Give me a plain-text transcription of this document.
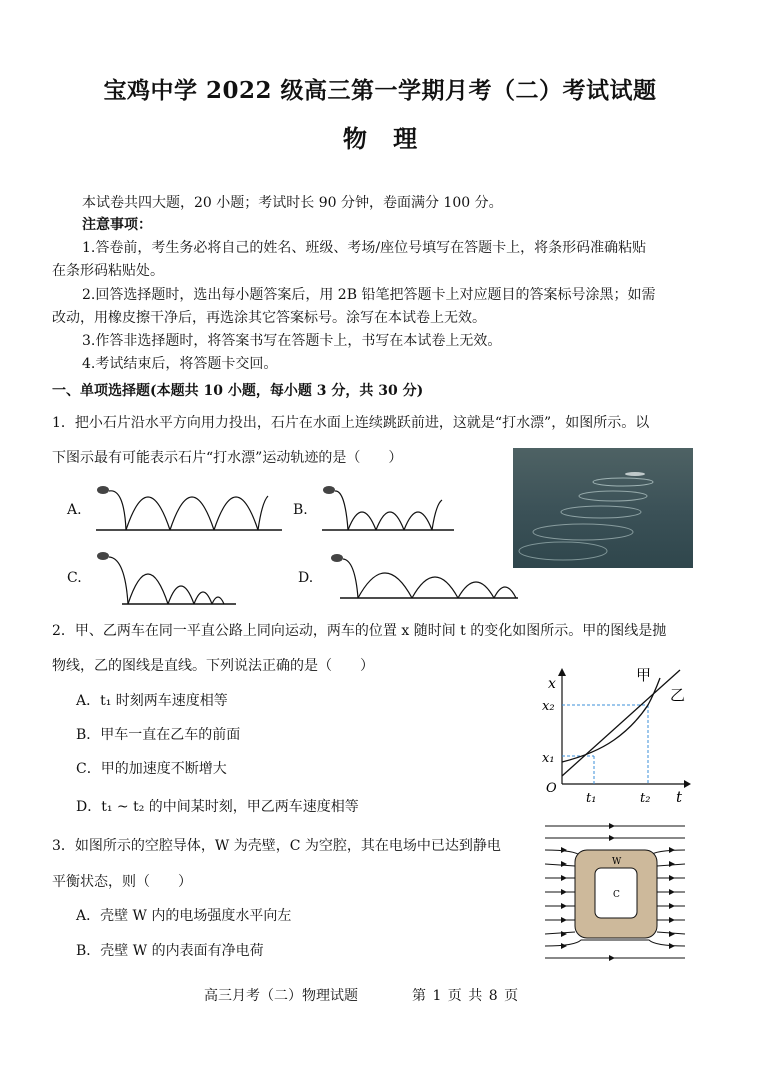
宝鸡中学 2022 级高三第一学期月考（二）考试试题
物 理
本试卷共四大题，20 小题；考试时长 90 分钟，卷面满分 100 分。
注意事项：
1.答卷前，考生务必将自己的姓名、班级、考场/座位号填写在答题卡上，将条形码准确粘贴
在条形码粘贴处。
2.回答选择题时，选出每小题答案后，用 2B 铅笔把答题卡上对应题目的答案标号涂黑；如需
改动，用橡皮擦干净后，再选涂其它答案标号。涂写在本试卷上无效。
3.作答非选择题时，将答案书写在答题卡上，书写在本试卷上无效。
4.考试结束后，将答题卡交回。
一、单项选择题(本题共 10 小题，每小题 3 分，共 30 分)
1．把小石片沿水平方向用力投出，石片在水面上连续跳跃前进，这就是“打水漂”，如图所示。以
下图示最有可能表示石片“打水漂”运动轨迹的是（　　）
A.	B.
C.	D.
2．甲、乙两车在同一平直公路上同向运动，两车的位置 x 随时间 t 的变化如图所示。甲的图线是抛
物线，乙的图线是直线。下列说法正确的是（　　）
A．t₁ 时刻两车速度相等
B．甲车一直在乙车的前面
C．甲的加速度不断增大
D．t₁ ~ t₂ 的中间某时刻，甲乙两车速度相等
x
t
甲
乙
x₂
x₁
t₁	t₂
O
3．如图所示的空腔导体，W 为壳壁，C 为空腔，其在电场中已达到静电
平衡状态，则（　　）
A．壳壁 W 内的电场强度水平向左
B．壳壁 W 的内表面有净电荷
W
C
高三月考（二）物理试题	第 1 页 共 8 页
